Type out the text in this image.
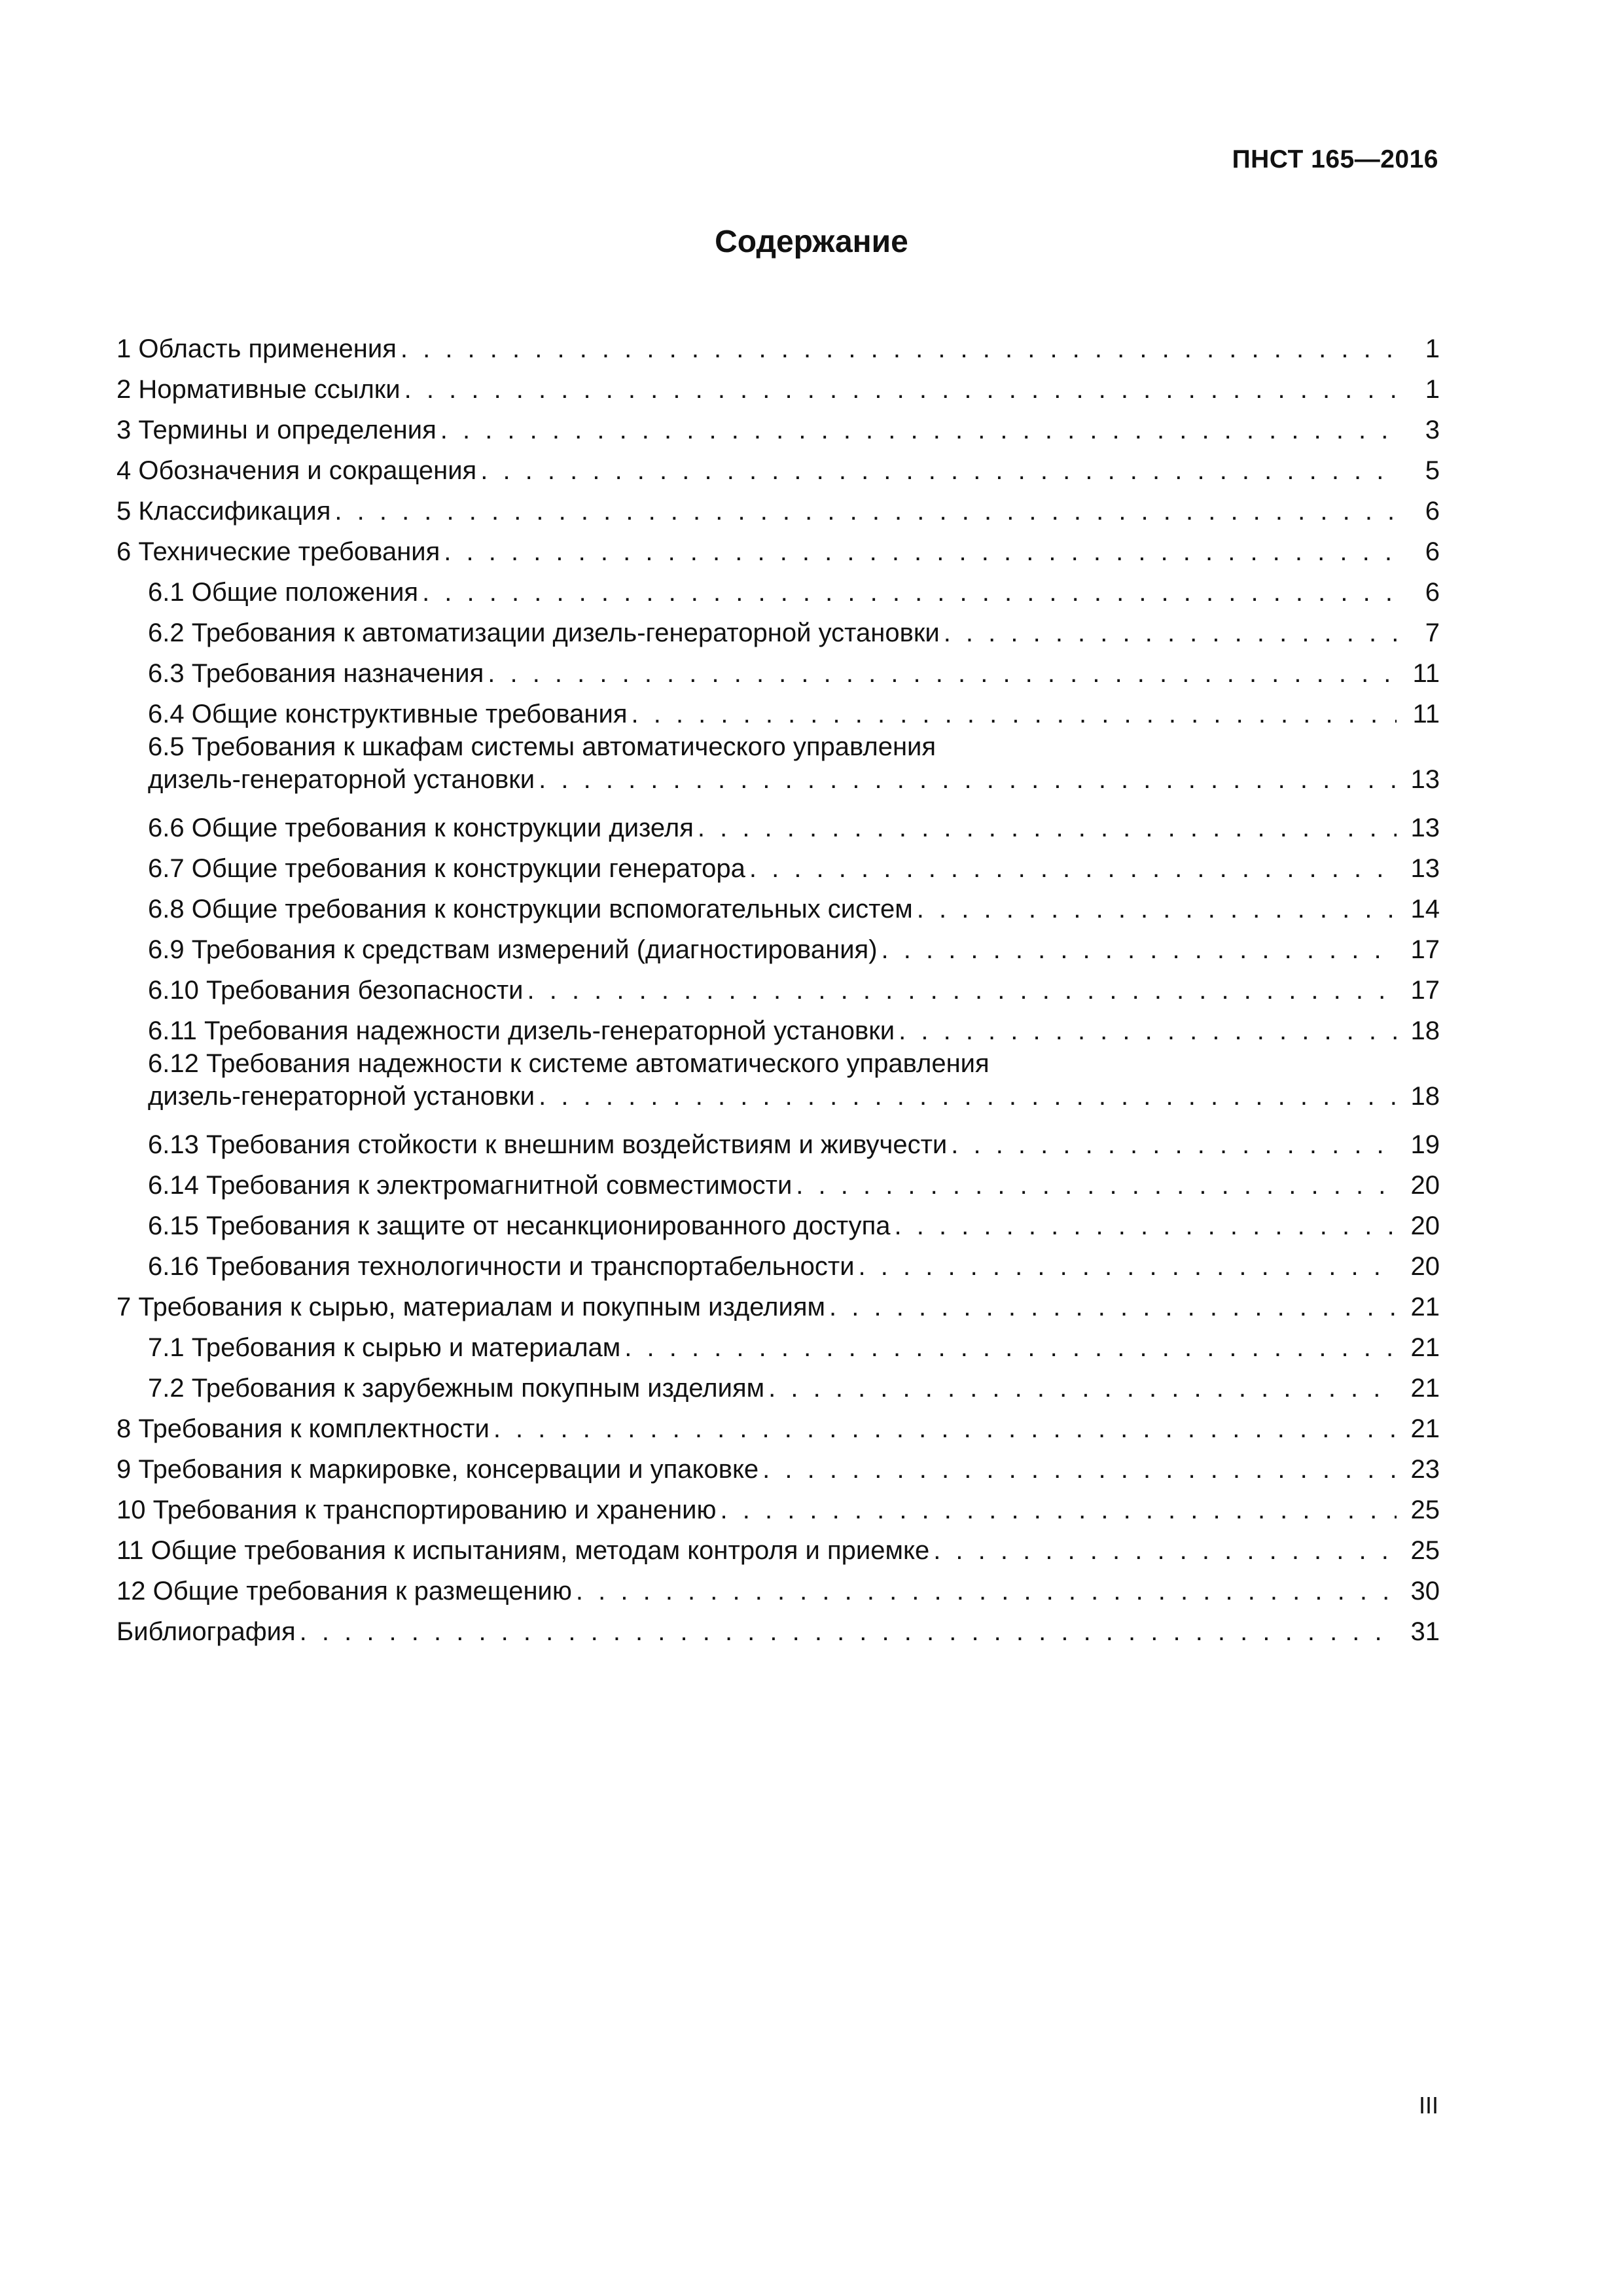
ПНСТ 165—2016
Содержание
1 Область применения . . .	1
2 Нормативные ссылки . . .	1
3 Термины и определения . . .	3
4 Обозначения и сокращения . . .	5
5 Классификация . . .	6
6 Технические требования . . .	6
6.1 Общие положения . . .	6
6.2 Требования к автоматизации дизель-генераторной установки . . .	7
6.3 Требования назначения . . .	11
6.4 Общие конструктивные требования . . .	11
6.5 Требования к шкафам системы автоматического управления
дизель-генераторной установки . . .	13
6.6 Общие требования к конструкции дизеля . . .	13
6.7 Общие требования к конструкции генератора . . .	13
6.8 Общие требования к конструкции вспомогательных систем . . .	14
6.9 Требования к средствам измерений (диагностирования) . . .	17
6.10 Требования безопасности . . .	17
6.11 Требования надежности дизель-генераторной установки . . .	18
6.12 Требования надежности к системе автоматического управления
дизель-генераторной установки . . .	18
6.13 Требования стойкости к внешним воздействиям и живучести . . .	19
6.14 Требования к электромагнитной совместимости . . .	20
6.15 Требования к защите от несанкционированного доступа . . .	20
6.16 Требования технологичности и транспортабельности . . .	20
7 Требования к сырью, материалам и покупным изделиям . . .	21
7.1 Требования к сырью и материалам . . .	21
7.2 Требования к зарубежным покупным изделиям . . .	21
8 Требования к комплектности . . .	21
9 Требования к маркировке, консервации и упаковке . . .	23
10 Требования к транспортированию и хранению . . .	25
11 Общие требования к испытаниям, методам контроля и приемке . . .	25
12 Общие требования к размещению . . .	30
Библиография . . .	31
III
